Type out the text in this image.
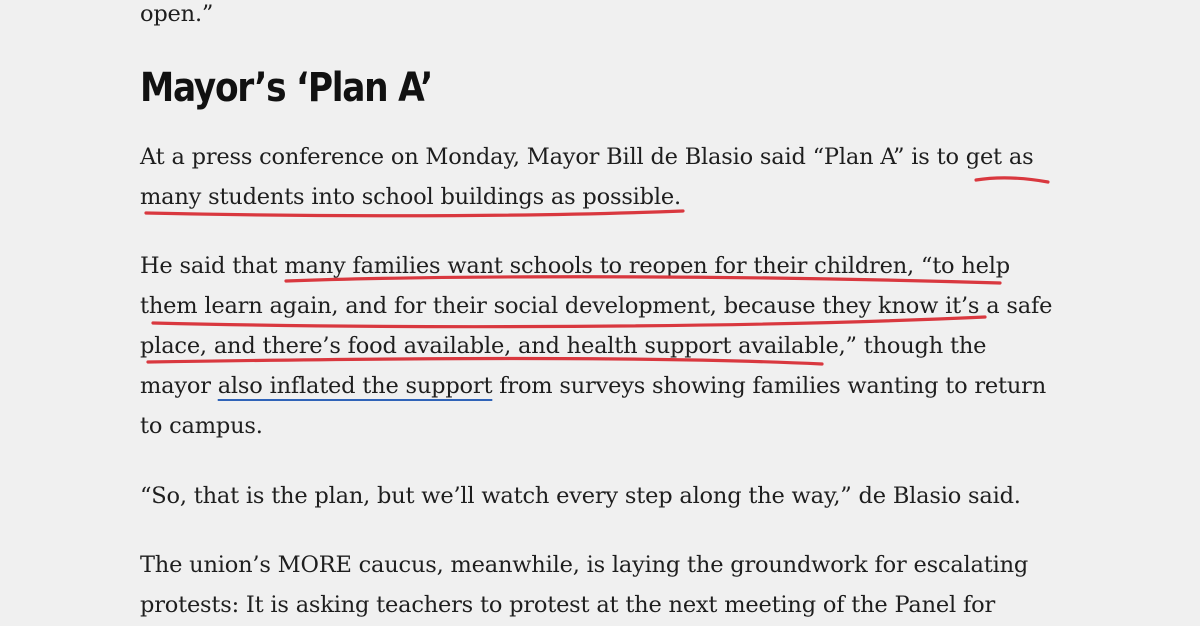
open.”

Mayor’s ‘Plan A’

At a press conference on Monday, Mayor Bill de Blasio said “Plan A” is to get as
many students into school buildings as possible.

He said that many families want schools to reopen for their children, “to help
them learn again, and for their social development, because they know it’s a safe
place, and there’s food available, and health support available,” though the
mayor also inflated the support from surveys showing families wanting to return
to campus.

“So, that is the plan, but we’ll watch every step along the way,” de Blasio said.

The union’s MORE caucus, meanwhile, is laying the groundwork for escalating
protests: It is asking teachers to protest at the next meeting of the Panel for
